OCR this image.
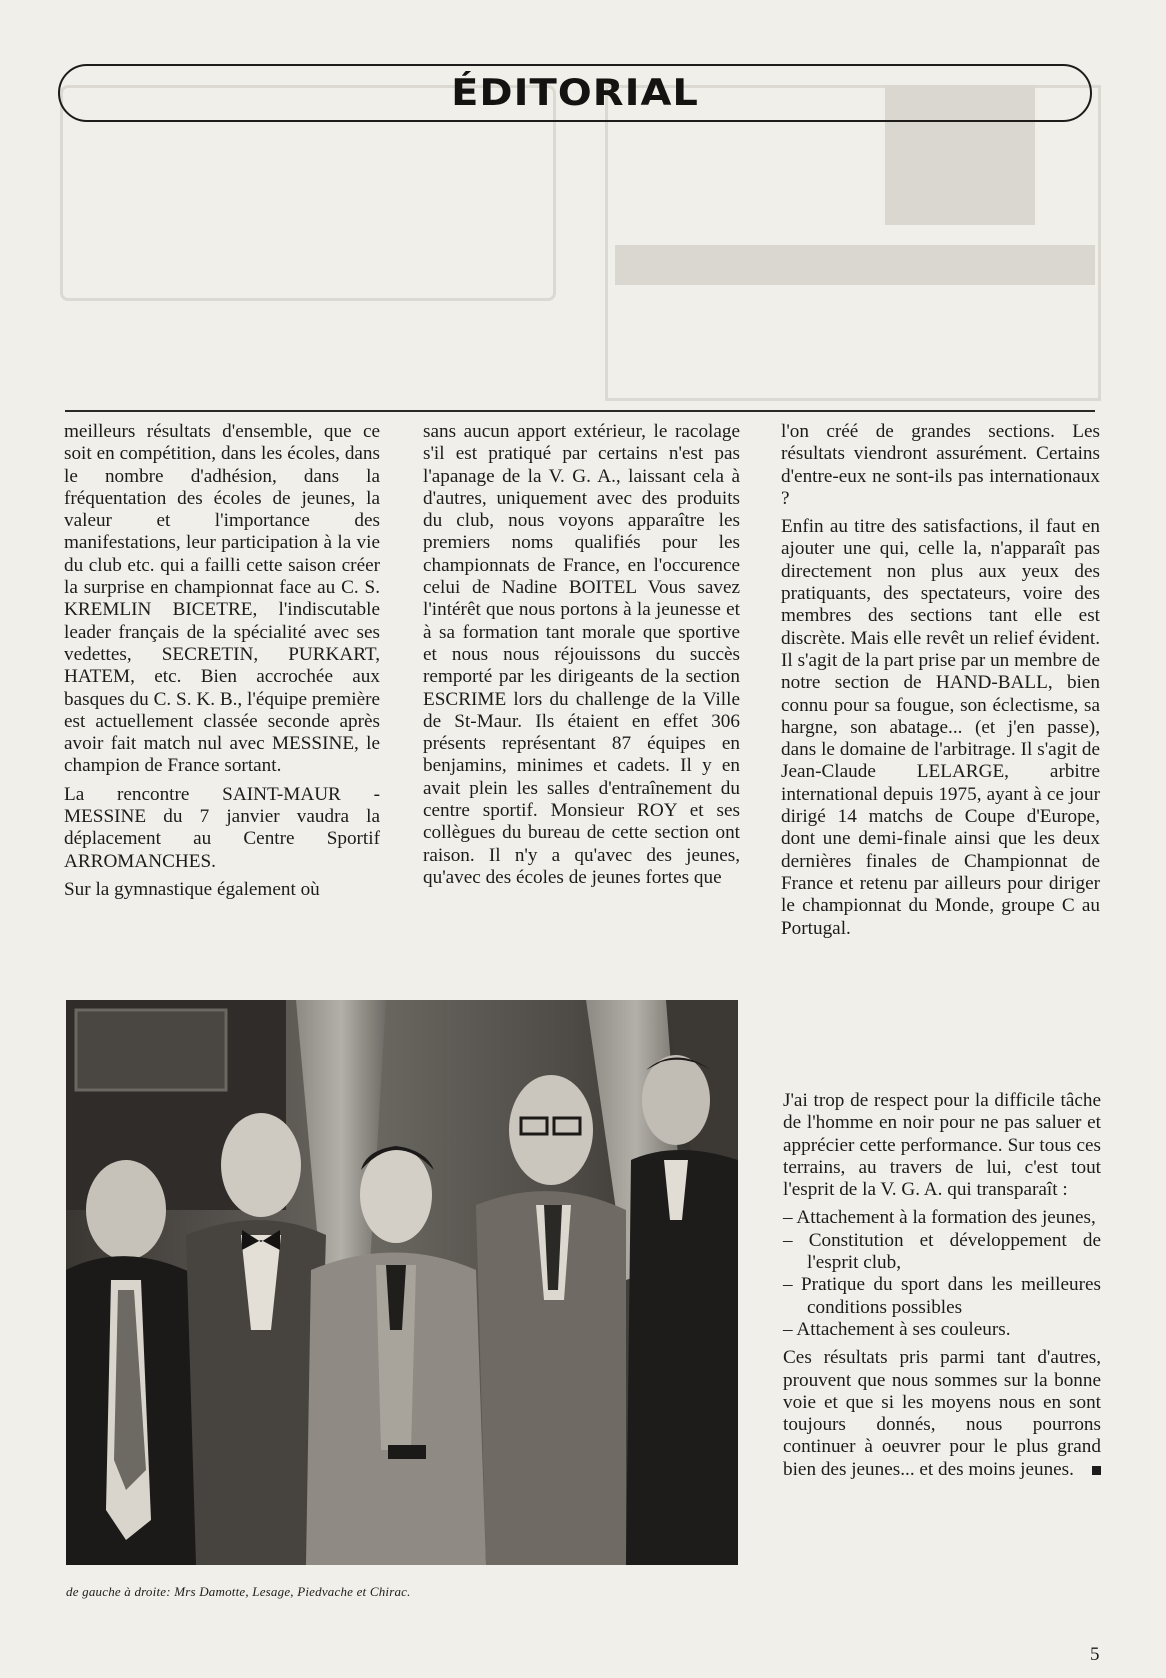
ÉDITORIAL

meilleurs résultats d'ensemble, que ce soit en compétition, dans les écoles, dans le nombre d'adhésion, dans la fréquentation des écoles de jeunes, la valeur et l'importance des manifestations, leur participation à la vie du club etc. qui a failli cette saison créer la surprise en championnat face au C. S. KREMLIN BICETRE, l'indiscutable leader français de la spécialité avec ses vedettes, SECRETIN, PURKART, HATEM, etc. Bien accrochée aux basques du C. S. K. B., l'équipe première est actuellement classée seconde après avoir fait match nul avec MESSINE, le champion de France sortant.

La rencontre SAINT-MAUR - MESSINE du 7 janvier vaudra la déplacement au Centre Sportif ARROMANCHES.

Sur la gymnastique également où

sans aucun apport extérieur, le racolage s'il est pratiqué par certains n'est pas l'apanage de la V. G. A., laissant cela à d'autres, uniquement avec des produits du club, nous voyons apparaître les premiers noms qualifiés pour les championnats de France, en l'occurence celui de Nadine BOITEL Vous savez l'intérêt que nous portons à la jeunesse et à sa formation tant morale que sportive et nous nous réjouissons du succès remporté par les dirigeants de la section ESCRIME lors du challenge de la Ville de St-Maur. Ils étaient en effet 306 présents représentant 87 équipes en benjamins, minimes et cadets. Il y en avait plein les salles d'entraînement du centre sportif. Monsieur ROY et ses collègues du bureau de cette section ont raison. Il n'y a qu'avec des jeunes, qu'avec des écoles de jeunes fortes que

l'on créé de grandes sections. Les résultats viendront assurément. Certains d'entre-eux ne sont-ils pas internationaux ?

Enfin au titre des satisfactions, il faut en ajouter une qui, celle la, n'apparaît pas directement non plus aux yeux des pratiquants, des spectateurs, voire des membres des sections tant elle est discrète. Mais elle revêt un relief évident. Il s'agit de la part prise par un membre de notre section de HAND-BALL, bien connu pour sa fougue, son éclectisme, sa hargne, son abatage... (et j'en passe), dans le domaine de l'arbitrage. Il s'agit de Jean-Claude LELARGE, arbitre international depuis 1975, ayant à ce jour dirigé 14 matchs de Coupe d'Europe, dont une demi-finale ainsi que les deux dernières finales de Championnat de France et retenu par ailleurs pour diriger le championnat du Monde, groupe C au Portugal.

J'ai trop de respect pour la difficile tâche de l'homme en noir pour ne pas saluer et apprécier cette performance. Sur tous ces terrains, au travers de lui, c'est tout l'esprit de la V. G. A. qui transparaît :

– Attachement à la formation des jeunes,
– Constitution et développement de l'esprit club,
– Pratique du sport dans les meilleures conditions possibles
– Attachement à ses couleurs.

Ces résultats pris parmi tant d'autres, prouvent que nous sommes sur la bonne voie et que si les moyens nous en sont toujours donnés, nous pourrons continuer à oeuvrer pour le plus grand bien des jeunes... et des moins jeunes.

de gauche à droite: Mrs Damotte, Lesage, Piedvache et Chirac.
5
